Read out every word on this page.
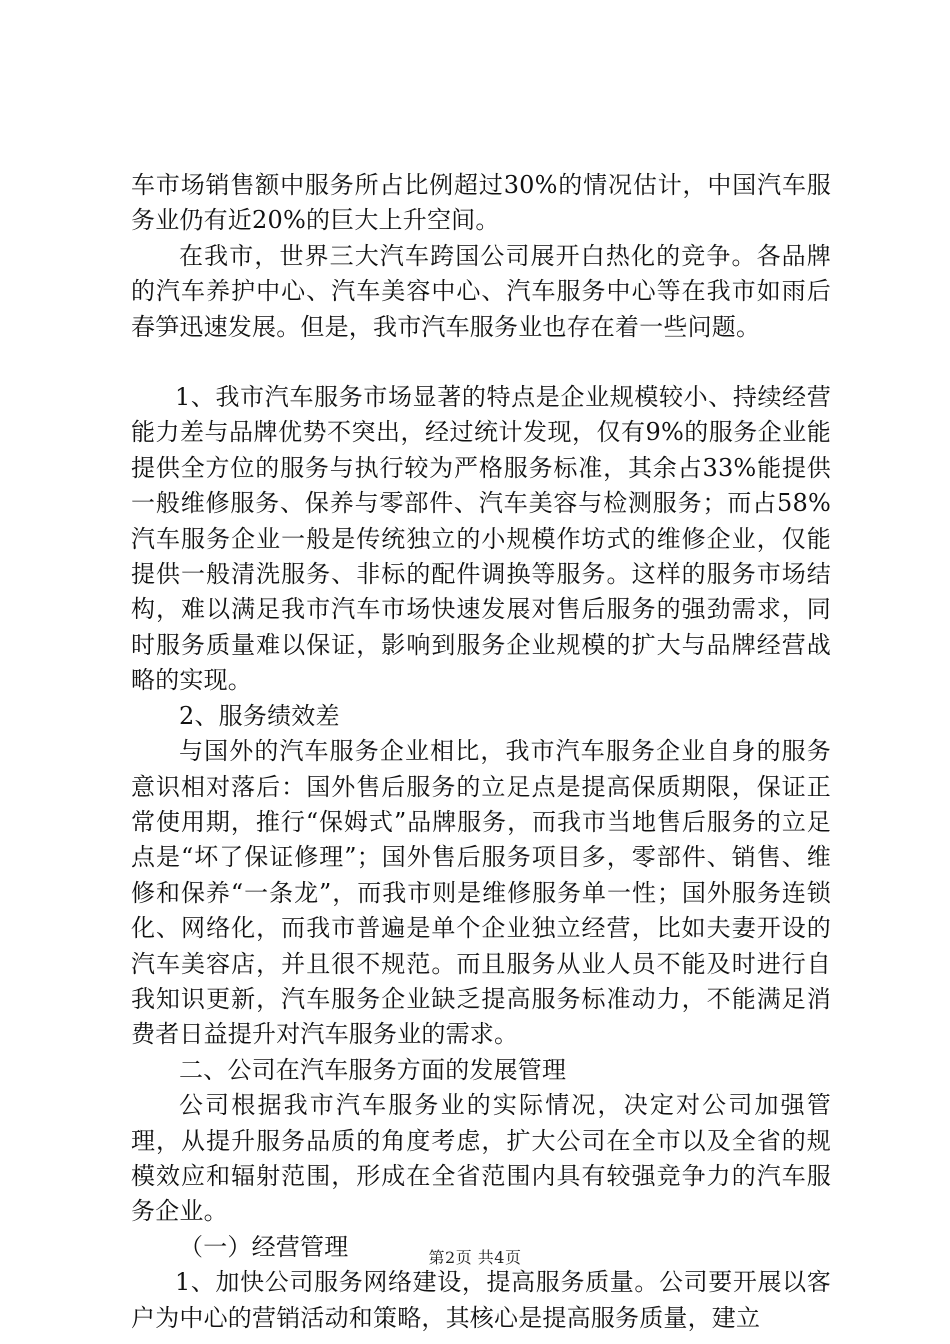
车市场销售额中服务所占比例超过30%的情况估计，中国汽车服务业仍有近20%的巨大上升空间。

在我市，世界三大汽车跨国公司展开白热化的竞争。各品牌的汽车养护中心、汽车美容中心、汽车服务中心等在我市如雨后春笋迅速发展。但是，我市汽车服务业也存在着一些问题。

1、我市汽车服务市场显著的特点是企业规模较小、持续经营能力差与品牌优势不突出，经过统计发现，仅有9%的服务企业能提供全方位的服务与执行较为严格服务标准，其余占33%能提供一般维修服务、保养与零部件、汽车美容与检测服务；而占58%汽车服务企业一般是传统独立的小规模作坊式的维修企业，仅能提供一般清洗服务、非标的配件调换等服务。这样的服务市场结构，难以满足我市汽车市场快速发展对售后服务的强劲需求，同时服务质量难以保证，影响到服务企业规模的扩大与品牌经营战略的实现。

2、服务绩效差

与国外的汽车服务企业相比，我市汽车服务企业自身的服务意识相对落后：国外售后服务的立足点是提高保质期限，保证正常使用期，推行“保姆式”品牌服务，而我市当地售后服务的立足点是“坏了保证修理”；国外售后服务项目多，零部件、销售、维修和保养“一条龙”，而我市则是维修服务单一性；国外服务连锁化、网络化，而我市普遍是单个企业独立经营，比如夫妻开设的汽车美容店，并且很不规范。而且服务从业人员不能及时进行自我知识更新，汽车服务企业缺乏提高服务标准动力，不能满足消费者日益提升对汽车服务业的需求。

二、公司在汽车服务方面的发展管理

公司根据我市汽车服务业的实际情况，决定对公司加强管理，从提升服务品质的角度考虑，扩大公司在全市以及全省的规模效应和辐射范围，形成在全省范围内具有较强竞争力的汽车服务企业。

（一）经营管理

1、加快公司服务网络建设，提高服务质量。公司要开展以客户为中心的营销活动和策略，其核心是提高服务质量，建立

第2页 共4页
